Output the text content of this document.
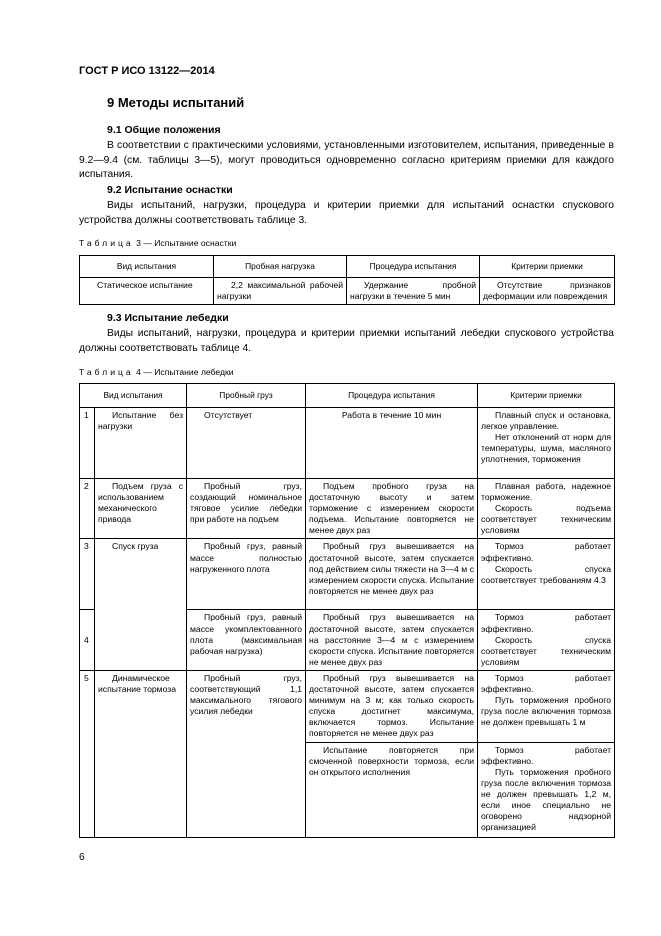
ГОСТ Р ИСО 13122—2014
9 Методы испытаний
9.1 Общие положения

В соответствии с практическими условиями, установленными изготовителем, испытания, приведенные в 9.2—9.4 (см. таблицы 3—5), могут проводиться одновременно согласно критериям приемки для каждого испытания.

9.2 Испытание оснастки

Виды испытаний, нагрузки, процедура и критерии приемки для испытаний оснастки спускового устройства должны соответствовать таблице 3.

Таблица 3 — Испытание оснастки
Вид испытания	Пробная нагрузка	Процедура испытания	Критерии приемки

Статическое испытание	2,2 максимальной рабочей нагрузки	Удержание пробной нагрузки в течение 5 мин	Отсутствие признаков деформации или повреждения

9.3 Испытание лебедки

Виды испытаний, нагрузки, процедура и критерии приемки испытаний лебедки спускового устройства должны соответствовать таблице 4.

Таблица 4 — Испытание лебедки
Вид испытания		Пробный груз	Процедура испытания	Критерии приемки
1	Испытание без нагрузки	Отсутствует	Работа в течение 10 мин	Плавный спуск и остановка, легкое управление.

Нет отклонений от норм для температуры, шума, масляного уплотнения, торможения

2	Подъем груза с использованием механического привода	Пробный груз, создающий номинальное тяговое усилие лебедки при работе на подъем	Подъем пробного груза на достаточную высоту и затем торможение с измерением скорости подъема. Испытание повторяется не менее двух раз	Плавная работа, надежное торможение.

Скорость подъема соответствует техническим условиям

3	Спуск груза	Пробный груз, равный массе полностью нагруженного плота	Пробный груз вывешивается на достаточной высоте, затем спускается под действием силы тяжести на 3—4 м с измерением скорости спуска. Испытание повторяется не менее двух раз	Тормоз работает эффективно.

Скорость спуска соответствует требованиям 4.3

4		Пробный груз, равный массе укомплектованного плота (максимальная рабочая нагрузка)	Пробный груз вывешивается на достаточной высоте, затем спускается на расстояние 3—4 м с измерением скорости спуска. Испытание повторяется не менее двух раз	Тормоз работает эффективно.

Скорость спуска соответствует техническим условиям

5	Динамическое испытание тормоза	Пробный груз, соответствующий 1,1 максимального тягового усилия лебедки	Пробный груз вывешивается на достаточной высоте, затем спускается минимум на 3 м; как только скорость спуска достигнет максимума, включается тормоз. Испытание повторяется не менее двух раз	Тормоз работает эффективно.

Путь торможения пробного груза после включения тормоза не должен превышать 1 м

			Испытание повторяется при смоченной поверхности тормоза, если он открытого исполнения	Тормоз работает эффективно.

Путь торможения пробного груза после включения тормоза не должен превышать 1,2 м, если иное специально не оговорено надзорной организацией

6
